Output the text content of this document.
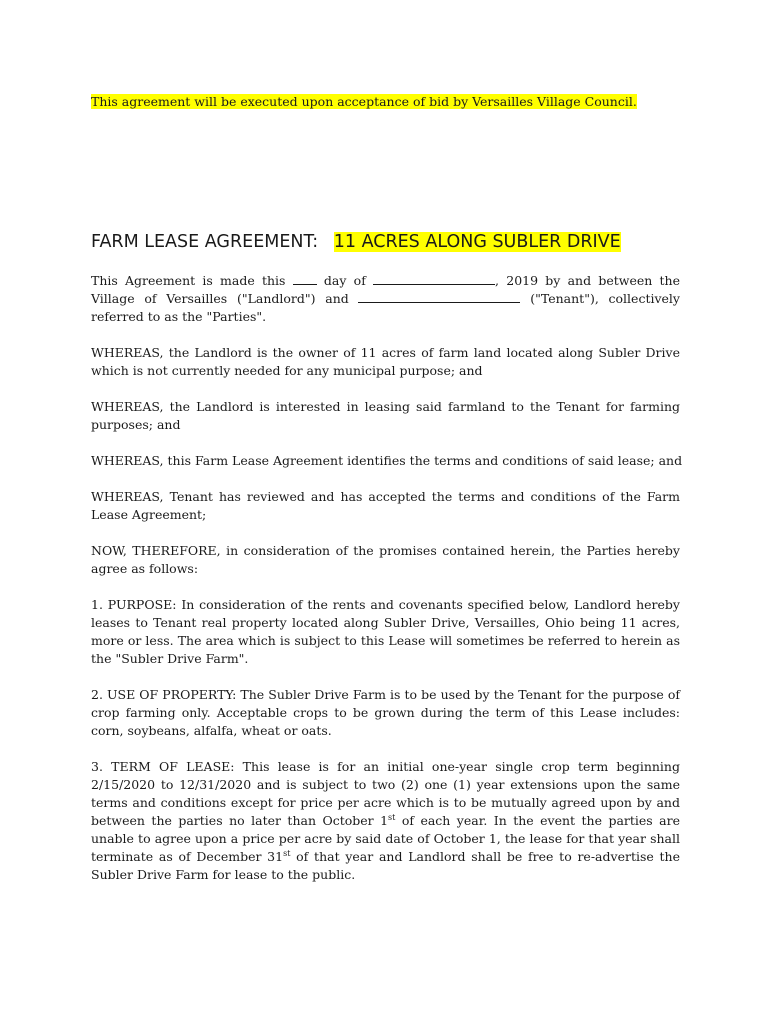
This agreement will be executed upon acceptance of bid by Versailles Village Council.
FARM LEASE AGREEMENT: 11 ACRES ALONG SUBLER DRIVE

This Agreement is made this  day of	, 2019 by and between the Village of Versailles ("Landlord") and	("Tenant"), collectively referred to as the "Parties".

WHEREAS, the Landlord is the owner of 11 acres of farm land located along Subler Drive which is not currently needed for any municipal purpose; and

WHEREAS, the Landlord is interested in leasing said farmland to the Tenant for farming purposes; and

WHEREAS, this Farm Lease Agreement identifies the terms and conditions of said lease; and

WHEREAS, Tenant has reviewed and has accepted the terms and conditions of the Farm Lease Agreement;

NOW, THEREFORE, in consideration of the promises contained herein, the Parties hereby agree as follows:

1. PURPOSE: In consideration of the rents and covenants specified below, Landlord hereby leases to Tenant real property located along Subler Drive, Versailles, Ohio being 11 acres, more or less. The area which is subject to this Lease will sometimes be referred to herein as the "Subler Drive Farm".

2. USE OF PROPERTY: The Subler Drive Farm is to be used by the Tenant for the purpose of crop farming only. Acceptable crops to be grown during the term of this Lease includes: corn, soybeans, alfalfa, wheat or oats.

3. TERM OF LEASE: This lease is for an initial one-year single crop term beginning 2/15/2020 to 12/31/2020 and is subject to two (2) one (1) year extensions upon the same terms and conditions except for price per acre which is to be mutually agreed upon by and between the parties no later than October 1st of each year. In the event the parties are unable to agree upon a price per acre by said date of October 1, the lease for that year shall terminate as of December 31st of that year and Landlord shall be free to re-advertise the Subler Drive Farm for lease to the public.
